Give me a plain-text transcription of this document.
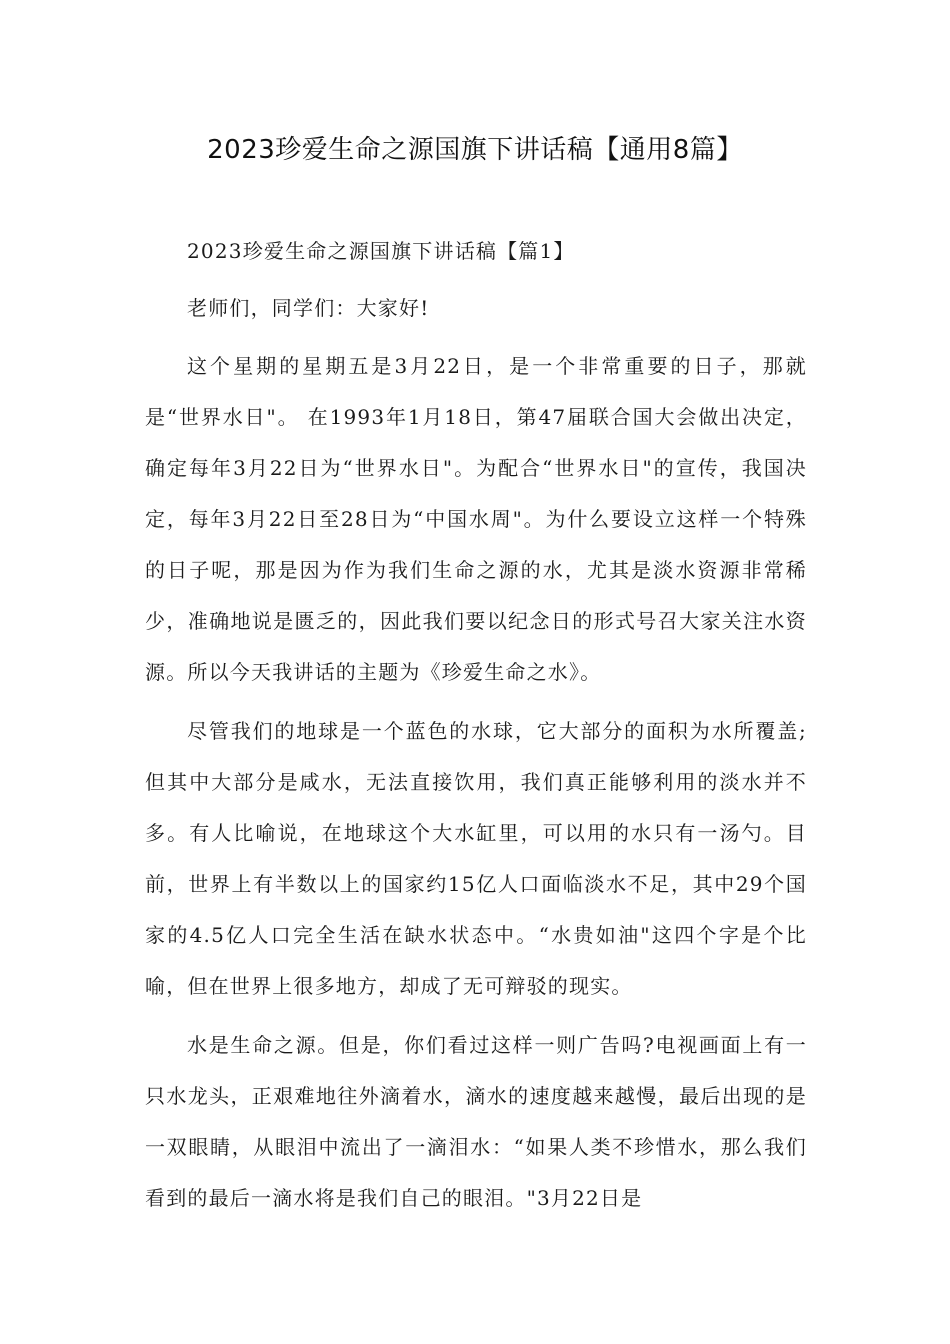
2023珍爱生命之源国旗下讲话稿【通用8篇】

2023珍爱生命之源国旗下讲话稿【篇1】

老师们，同学们：大家好!

这个星期的星期五是3月22日，是一个非常重要的日子，那就是“世界水日"。 在1993年1月18日，第47届联合国大会做出决定，确定每年3月22日为“世界水日"。为配合“世界水日"的宣传，我国决定，每年3月22日至28日为“中国水周"。为什么要设立这样一个特殊的日子呢，那是因为作为我们生命之源的水，尤其是淡水资源非常稀少，准确地说是匮乏的，因此我们要以纪念日的形式号召大家关注水资源。所以今天我讲话的主题为《珍爱生命之水》。

尽管我们的地球是一个蓝色的水球，它大部分的面积为水所覆盖;但其中大部分是咸水，无法直接饮用，我们真正能够利用的淡水并不多。有人比喻说，在地球这个大水缸里，可以用的水只有一汤勺。目前，世界上有半数以上的国家约15亿人口面临淡水不足，其中29个国家的4.5亿人口完全生活在缺水状态中。“水贵如油"这四个字是个比喻，但在世界上很多地方，却成了无可辩驳的现实。

水是生命之源。但是，你们看过这样一则广告吗?电视画面上有一只水龙头，正艰难地往外滴着水，滴水的速度越来越慢，最后出现的是一双眼睛，从眼泪中流出了一滴泪水：“如果人类不珍惜水，那么我们看到的最后一滴水将是我们自己的眼泪。"3月22日是
